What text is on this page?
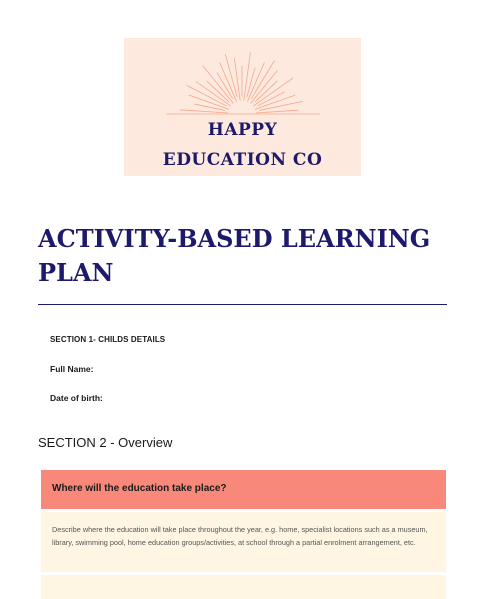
HAPPY
EDUCATION CO
ACTIVITY-BASED LEARNING PLAN
SECTION 1- CHILDS DETAILS
Full Name:
Date of birth:
SECTION 2 - Overview
Where will the education take place?

Describe where the education will take place throughout the year, e.g. home, specialist locations such as a museum, library, swimming pool, home education groups/activities, at school through a partial enrolment arrangement, etc.
